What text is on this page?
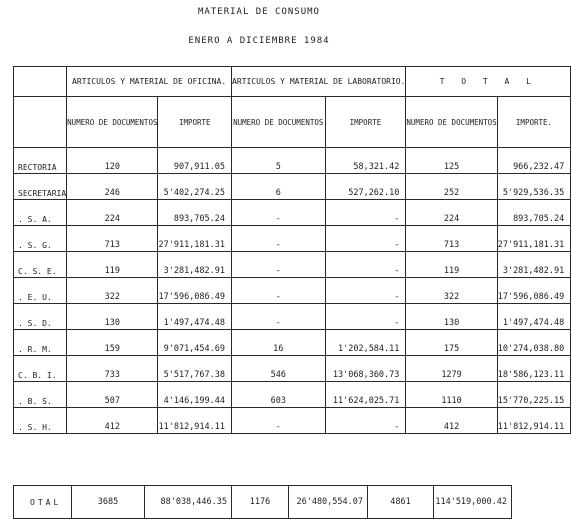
MATERIAL DE CONSUMO
ENERO A DICIEMBRE 1984
	ARTICULOS Y MATERIAL DE OFICINA.		ARTICULOS Y MATERIAL DE LABORATORIO.		T O T A L	
	NUMERO DE DOCUMENTOS	IMPORTE	NUMERO DE DOCUMENTOS	IMPORTE	NUMERO DE DOCUMENTOS	IMPORTE.
RECTORIA	120	907,911.05	5	58,321.42	125	966,232.47
SECRETARIA	246	5'402,274.25	6	527,262.10	252	5'929,536.35
. S. A.	224	893,705.24	-	-	224	893,705.24
. S. G.	713	27'911,181.31	-	-	713	27'911,181.31
C. S. E.	119	3'281,482.91	-	-	119	3'281,482.91
. E. U.	322	17'596,086.49	-	-	322	17'596,086.49
. S. D.	130	1'497,474.48	-	-	130	1'497,474.48
. R. M.	159	9'071,454.69	16	1'202,584.11	175	10'274,038.80
C. B. I.	733	5'517,767.38	546	13'068,360.73	1279	18'586,123.11
. B. S.	507	4'146,199.44	603	11'624,025.71	1110	15'770,225.15
. S. H.	412	11'812,914.11	-	-	412	11'812,914.11
OTAL	3685	88'038,446.35	1176	26'480,554.07	4861	114'519,000.42
